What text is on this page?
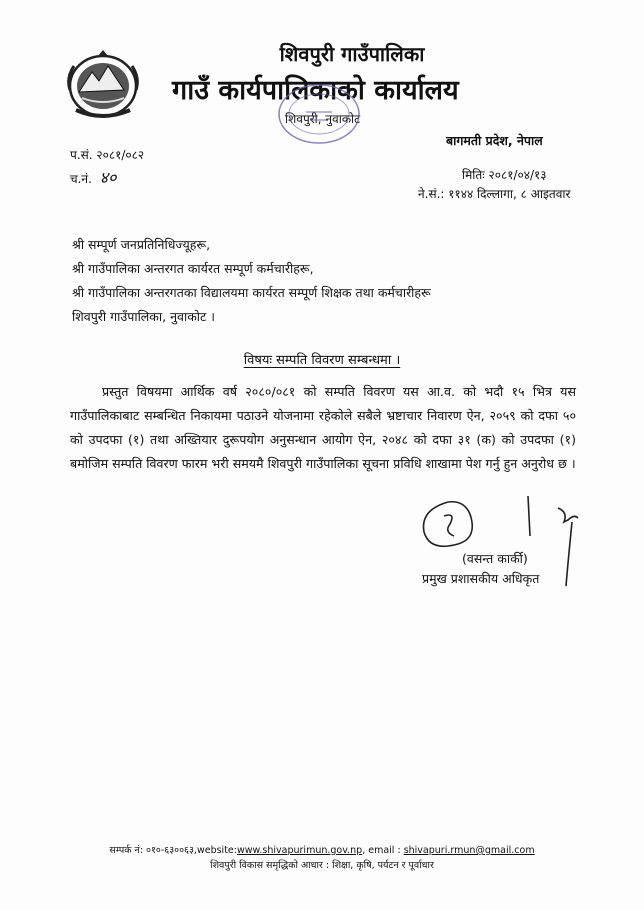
शिवपुरी गाउँपालिका
गाउँ कार्यपालिकाको कार्यालय
शिवपुरी, नुवाकोट
बागमती प्रदेश, नेपाल
प.सं. २०८१/०८२
च.नं. ४०	मितिः २०८१/०४/१३
ने.सं.: ११४४ दिल्लागा, ८ आइतवार
श्री सम्पूर्ण जनप्रतिनिधिज्यूहरू,
श्री गाउँपालिका अन्तरगत कार्यरत सम्पूर्ण कर्मचारीहरू,
श्री गाउँपालिका अन्तरगतका विद्यालयमा कार्यरत सम्पूर्ण शिक्षक तथा कर्मचारीहरू
शिवपुरी गाउँपालिका, नुवाकोट ।
विषयः सम्पति विवरण सम्बन्धमा ।
प्रस्तुत विषयमा आर्थिक वर्ष २०८०/०८१ को सम्पति विवरण यस आ.व. को भदौ १५ भित्र यस गाउँपालिकाबाट सम्बन्धित निकायमा पठाउने योजनामा रहेकोले सबैले भ्रष्टाचार निवारण ऐन, २०५९ को दफा ५० को उपदफा (१) तथा अख्तियार दुरूपयोग अनुसन्धान आयोग ऐन, २०४८ को दफा ३१ (क) को उपदफा (१) बमोजिम सम्पति विवरण फारम भरी समयमै शिवपुरी गाउँपालिका सूचना प्रविधि शाखामा पेश गर्नु हुन अनुरोध छ ।
(वसन्त कार्की)
प्रमुख प्रशासकीय अधिकृत
सम्पर्क नं: ०१०-६३००६३,website:www.shivapurimun.gov.np, email : shivapuri.rmun@gmail.com
शिवपुरी विकास समृद्धिको आधार : शिक्षा, कृषि, पर्यटन र पूर्वाधार
